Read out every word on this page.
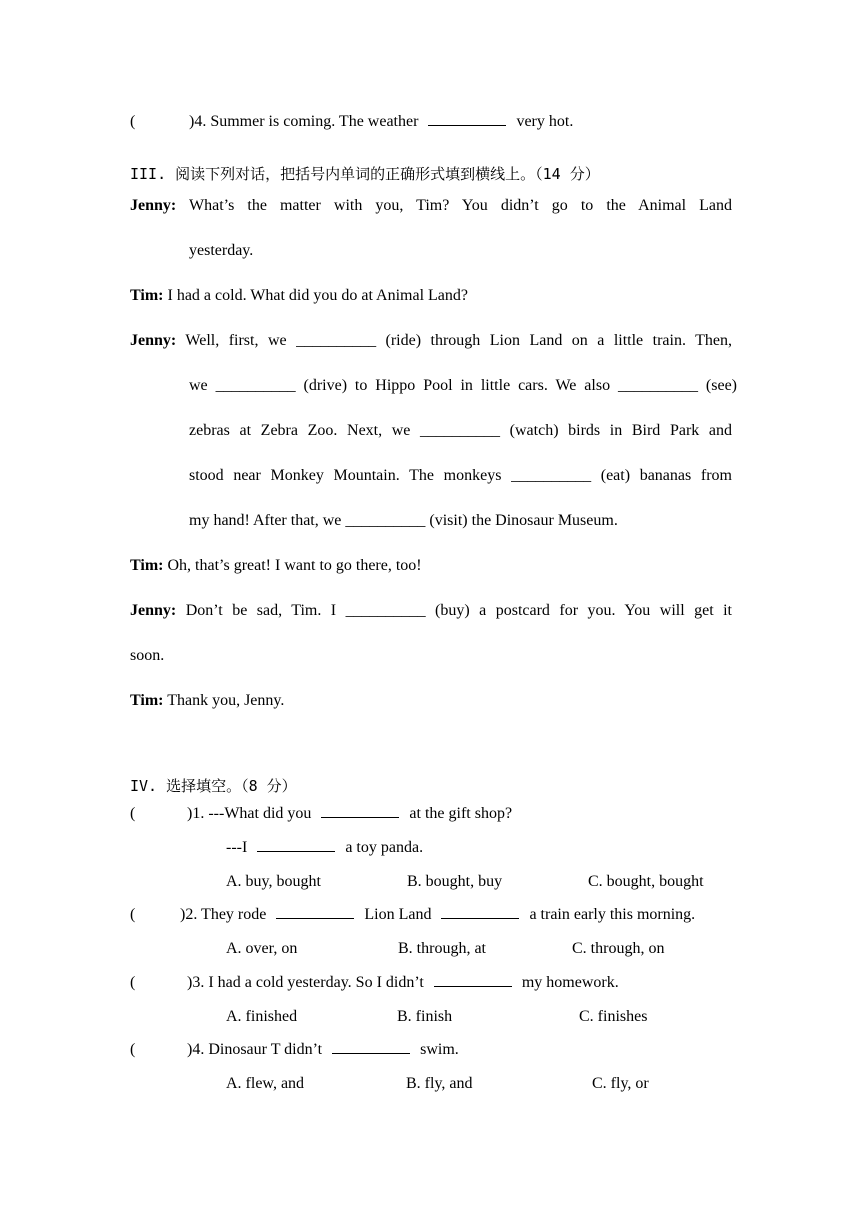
(	)4. Summer is coming. The weather	very hot.
III. 阅读下列对话，把括号内单词的正确形式填到横线上。（14 分）
Jenny: What’s the matter with you, Tim? You didn’t go to the Animal Land
yesterday.
Tim: I had a cold. What did you do at Animal Land?
Jenny: Well, first, we __________ (ride) through Lion Land on a little train. Then,
we __________ (drive) to Hippo Pool in little cars. We also __________ (see)
zebras at Zebra Zoo. Next, we __________ (watch) birds in Bird Park and
stood near Monkey Mountain. The monkeys __________ (eat) bananas from
my hand! After that, we __________ (visit) the Dinosaur Museum.
Tim: Oh, that’s great! I want to go there, too!
Jenny: Don’t be sad, Tim. I __________ (buy) a postcard for you. You will get it
soon.
Tim: Thank you, Jenny.
IV. 选择填空。（8 分）
(	)1. ---What did you	at the gift shop?
---I	a toy panda.
A. buy, bought	B. bought, buy	C. bought, bought
(	)2. They rode	Lion Land	a train early this morning.
A. over, on	B. through, at	C. through, on
(	)3. I had a cold yesterday. So I didn’t	my homework.
A. finished	B. finish	C. finishes
(	)4. Dinosaur T didn’t	swim.
A. flew, and	B. fly, and	C. fly, or
